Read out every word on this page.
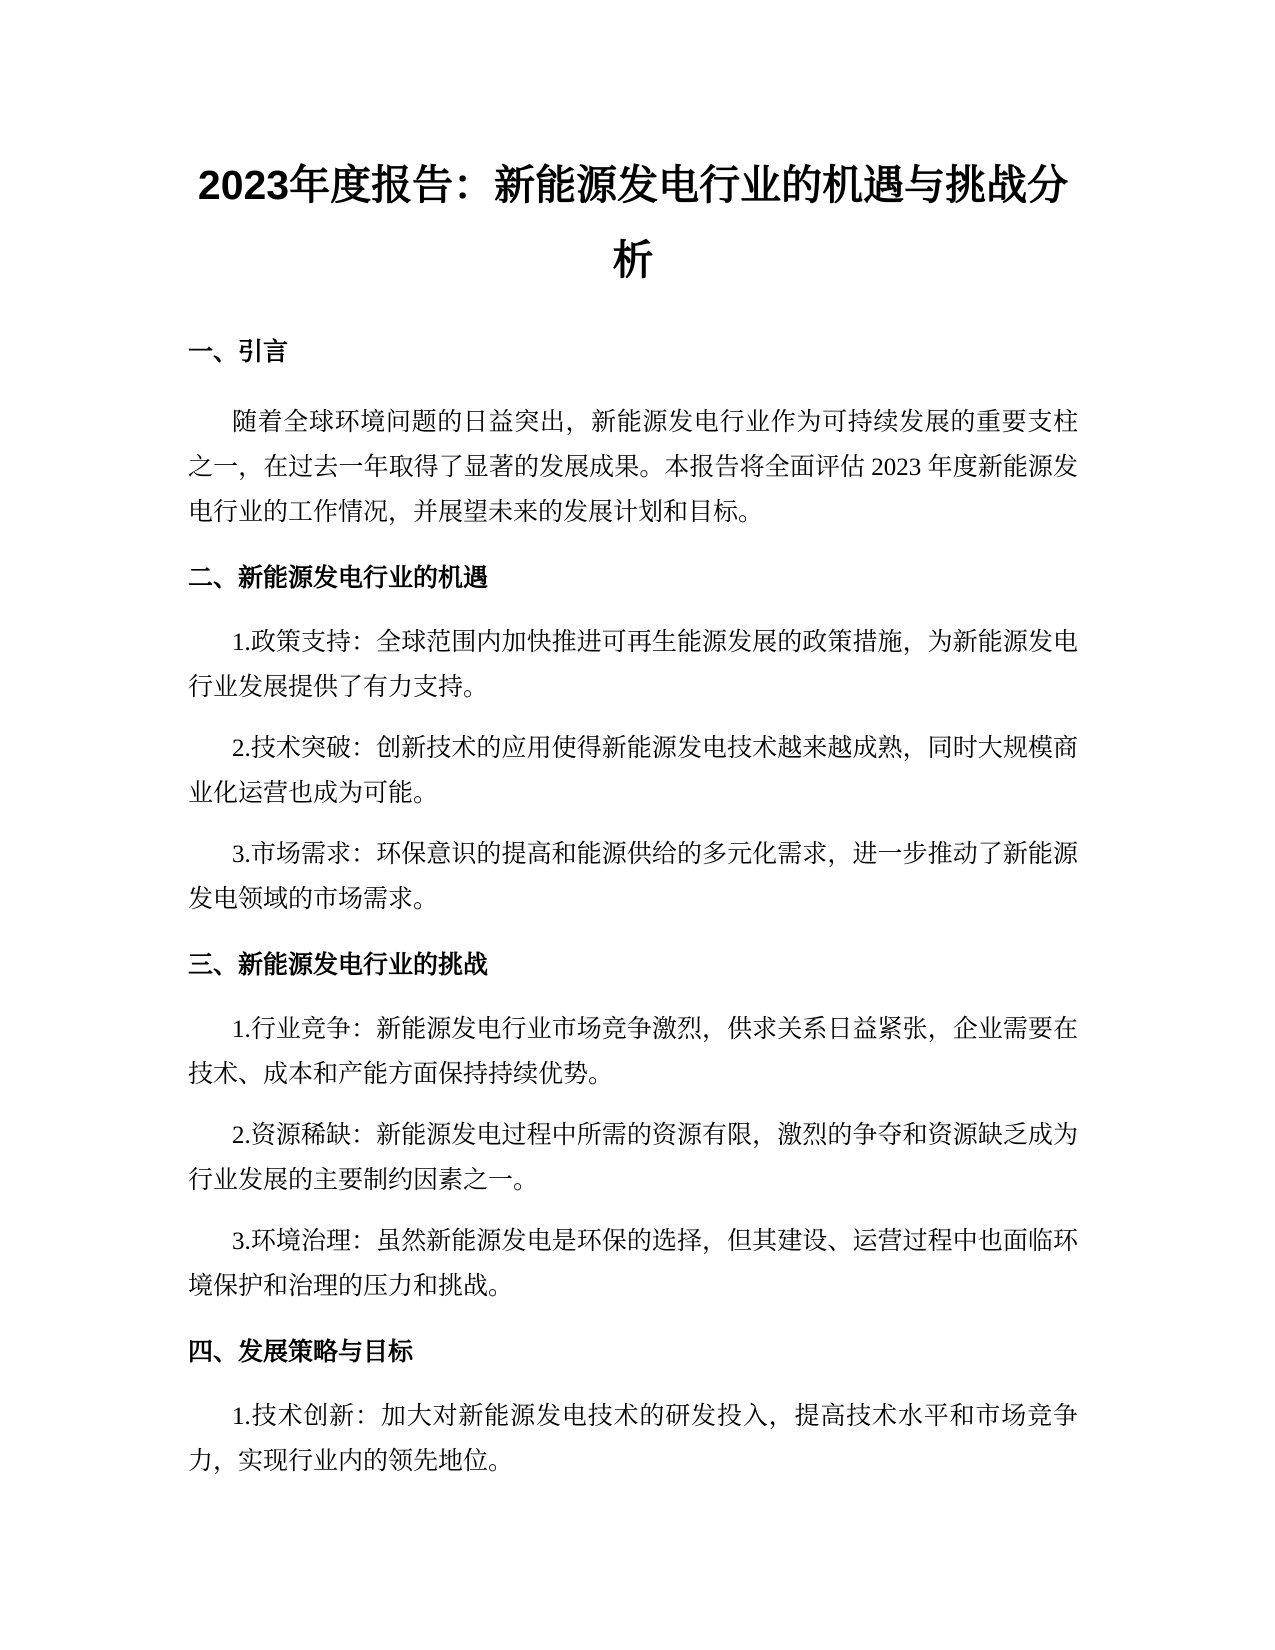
2023年度报告：新能源发电行业的机遇与挑战分析
一、引言

随着全球环境问题的日益突出，新能源发电行业作为可持续发展的重要支柱之一，在过去一年取得了显著的发展成果。本报告将全面评估 2023 年度新能源发电行业的工作情况，并展望未来的发展计划和目标。

二、新能源发电行业的机遇

1.政策支持：全球范围内加快推进可再生能源发展的政策措施，为新能源发电行业发展提供了有力支持。

2.技术突破：创新技术的应用使得新能源发电技术越来越成熟，同时大规模商业化运营也成为可能。

3.市场需求：环保意识的提高和能源供给的多元化需求，进一步推动了新能源发电领域的市场需求。

三、新能源发电行业的挑战

1.行业竞争：新能源发电行业市场竞争激烈，供求关系日益紧张，企业需要在技术、成本和产能方面保持持续优势。

2.资源稀缺：新能源发电过程中所需的资源有限，激烈的争夺和资源缺乏成为行业发展的主要制约因素之一。

3.环境治理：虽然新能源发电是环保的选择，但其建设、运营过程中也面临环境保护和治理的压力和挑战。

四、发展策略与目标

1.技术创新：加大对新能源发电技术的研发投入，提高技术水平和市场竞争力，实现行业内的领先地位。
